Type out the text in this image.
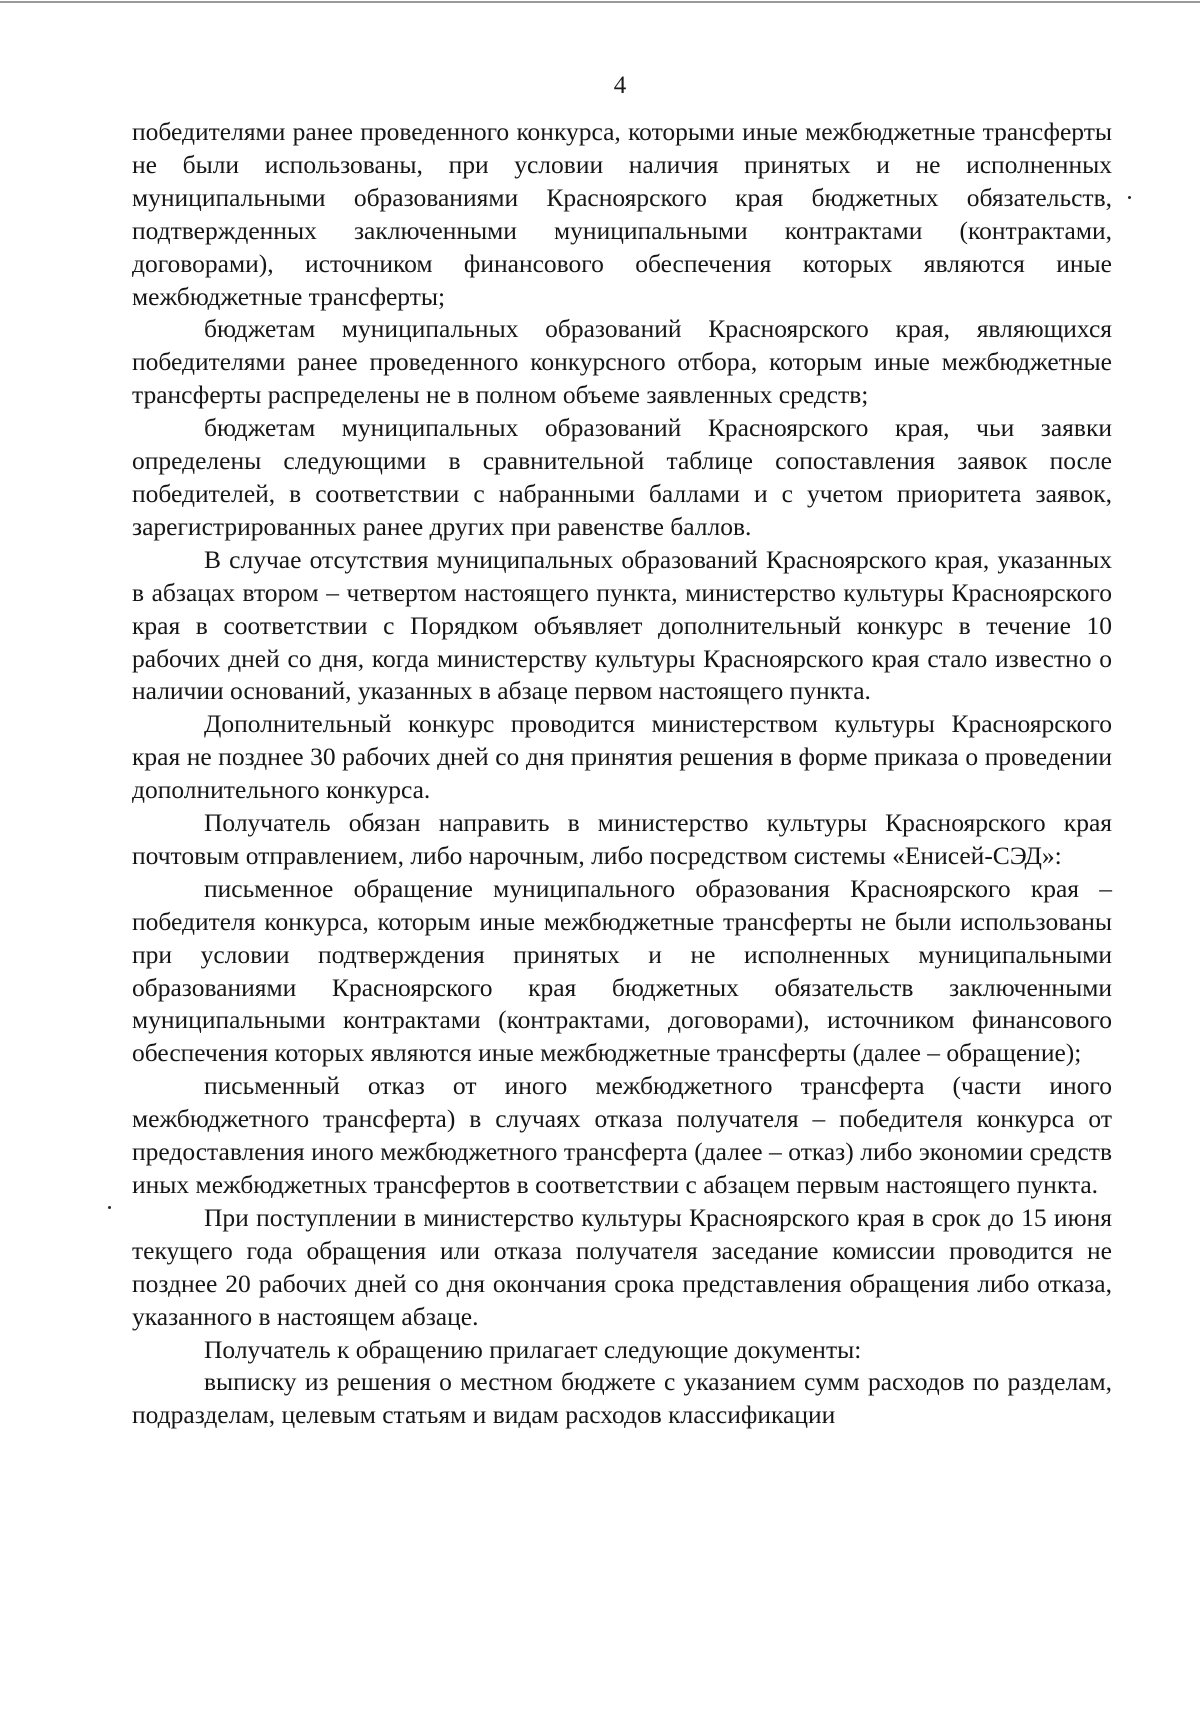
4

победителями ранее проведенного конкурса, которыми иные межбюджетные трансферты не были использованы, при условии наличия принятых и не исполненных муниципальными образованиями Красноярского края бюджетных обязательств, подтвержденных заключенными муниципальными контрактами (контрактами, договорами), источником финансового обеспечения которых являются иные межбюджетные трансферты;

бюджетам муниципальных образований Красноярского края, являющихся победителями ранее проведенного конкурсного отбора, которым иные межбюджетные трансферты распределены не в полном объеме заявленных средств;

бюджетам муниципальных образований Красноярского края, чьи заявки определены следующими в сравнительной таблице сопоставления заявок после победителей, в соответствии с набранными баллами и с учетом приоритета заявок, зарегистрированных ранее других при равенстве баллов.

В случае отсутствия муниципальных образований Красноярского края, указанных в абзацах втором – четвертом настоящего пункта, министерство культуры Красноярского края в соответствии с Порядком объявляет дополнительный конкурс в течение 10 рабочих дней со дня, когда министерству культуры Красноярского края стало известно о наличии оснований, указанных в абзаце первом настоящего пункта.

Дополнительный конкурс проводится министерством культуры Красноярского края не позднее 30 рабочих дней со дня принятия решения в форме приказа о проведении дополнительного конкурса.

Получатель обязан направить в министерство культуры Красноярского края почтовым отправлением, либо нарочным, либо посредством системы «Енисей-СЭД»:

письменное обращение муниципального образования Красноярского края – победителя конкурса, которым иные межбюджетные трансферты не были использованы при условии подтверждения принятых и не исполненных муниципальными образованиями Красноярского края бюджетных обязательств заключенными муниципальными контрактами (контрактами, договорами), источником финансового обеспечения которых являются иные межбюджетные трансферты (далее – обращение);

письменный отказ от иного межбюджетного трансферта (части иного межбюджетного трансферта) в случаях отказа получателя – победителя конкурса от предоставления иного межбюджетного трансферта (далее – отказ) либо экономии средств иных межбюджетных трансфертов в соответствии с абзацем первым настоящего пункта.

При поступлении в министерство культуры Красноярского края в срок до 15 июня текущего года обращения или отказа получателя заседание комиссии проводится не позднее 20 рабочих дней со дня окончания срока представления обращения либо отказа, указанного в настоящем абзаце.

Получатель к обращению прилагает следующие документы:

выписку из решения о местном бюджете с указанием сумм расходов по разделам, подразделам, целевым статьям и видам расходов классификации
